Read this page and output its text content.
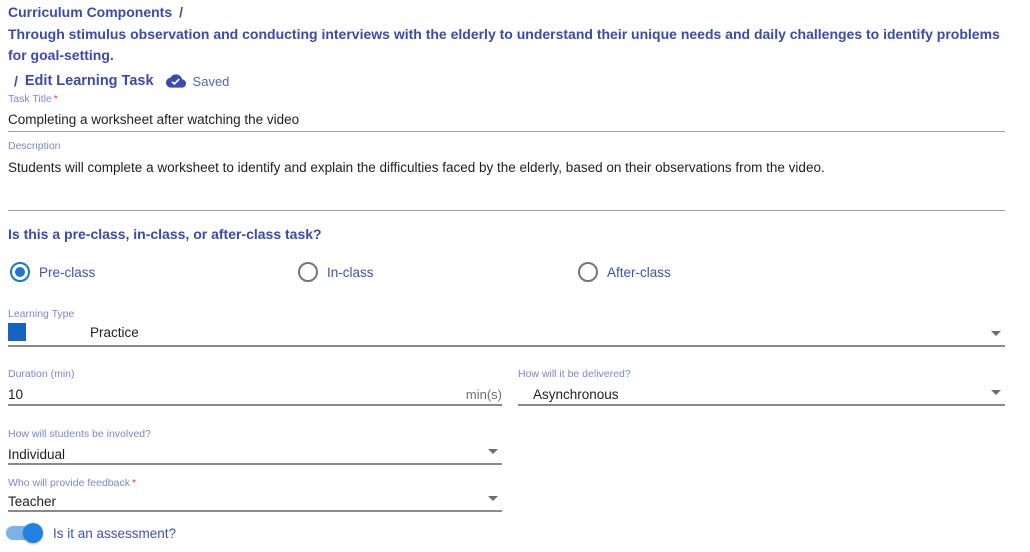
Curriculum Components /
Through stimulus observation and conducting interviews with the elderly to understand their unique needs and daily challenges to identify problems for goal-setting.
/ Edit Learning Task	Saved
Task Title *
Completing a worksheet after watching the video
Description
Students will complete a worksheet to identify and explain the difficulties faced by the elderly, based on their observations from the video.
Is this a pre-class, in-class, or after-class task?
Pre-class	In-class	After-class
Learning Type
Practice
Duration (min)
10	min(s)
How will it be delivered?
Asynchronous
How will students be involved?
Individual
Who will provide feedback *
Teacher
Is it an assessment?
